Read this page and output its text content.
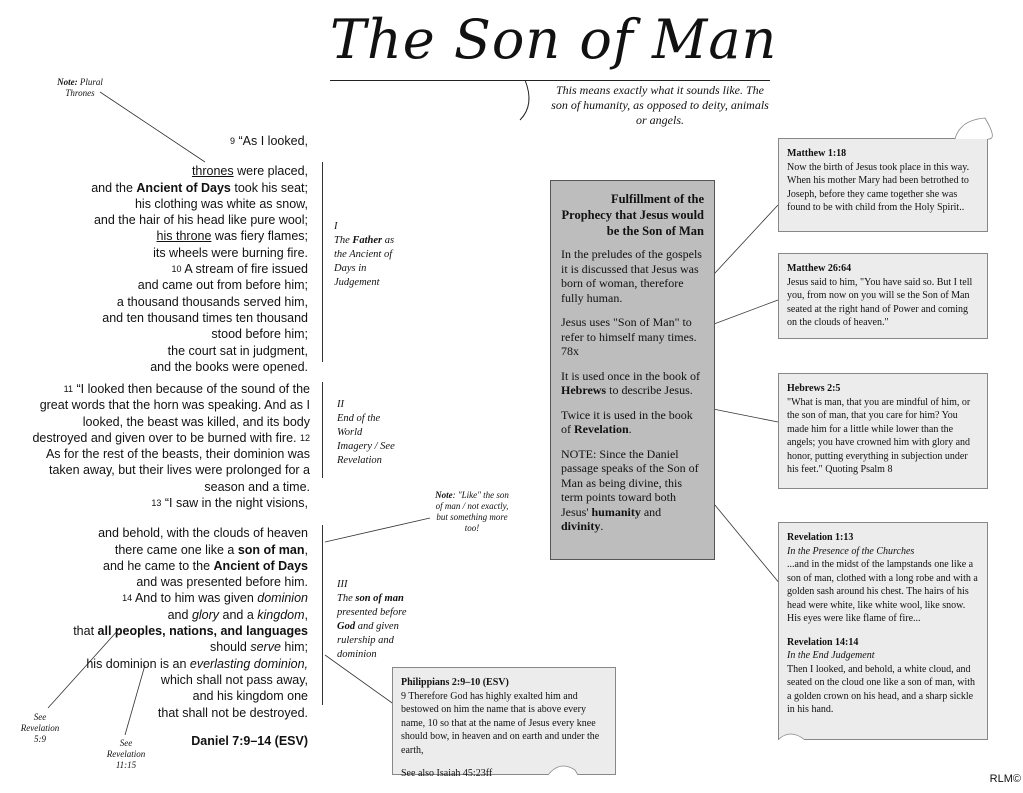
The Son of Man
This means exactly what it sounds like. The son of humanity, as opposed to deity, animals or angels.
Note: Plural Thrones
Note: "Like" the son of man / not exactly, but something more too!
See Revelation 5:9	See Revelation 11:15

9 “As I looked,

thrones were placed,

and the Ancient of Days took his seat;

his clothing was white as snow,

and the hair of his head like pure wool;

his throne was fiery flames;

its wheels were burning fire.

10 A stream of fire issued

and came out from before him;

a thousand thousands served him,

and ten thousand times ten thousand

stood before him;

the court sat in judgment,

and the books were opened.

I
The Father as the Ancient of Days in Judgement

11 “I looked then because of the sound of the

great words that the horn was speaking. And as I

looked, the beast was killed, and its body

destroyed and given over to be burned with fire. 12

As for the rest of the beasts, their dominion was

taken away, but their lives were prolonged for a

season and a time.

II
End of the World Imagery / See Revelation

13 “I saw in the night visions,

and behold, with the clouds of heaven

there came one like a son of man,

and he came to the Ancient of Days

and was presented before him.

14 And to him was given dominion

and glory and a kingdom,

that all peoples, nations, and languages

should serve him;

his dominion is an everlasting dominion,

which shall not pass away,

and his kingdom one

that shall not be destroyed.

Daniel 7:9–14 (ESV)

III
The son of man presented before God and given rulership and dominion
Fulfillment of the Prophecy that Jesus would be the Son of Man

In the preludes of the gospels it is discussed that Jesus was born of woman, therefore fully human.

Jesus uses "Son of Man" to refer to himself many times. 78x

It is used once in the book of Hebrews to describe Jesus.

Twice it is used in the book of Revelation.

NOTE: Since the Daniel passage speaks of the Son of Man as being divine, this term points toward both Jesus' humanity and divinity.

Matthew 1:18

Now the birth of Jesus took place in this way. When his mother Mary had been betrothed to Joseph, before they came together she was found to be with child from the Holy Spirit..

Matthew 26:64

Jesus said to him, "You have said so. But I tell you, from now on you will se the Son of Man seated at the right hand of Power and coming on the clouds of heaven."

Hebrews 2:5

"What is man, that you are mindful of him, or the son of man, that you care for him? You made him for a little while lower than the angels; you have crowned him with glory and honor, putting everything in subjection under his feet." Quoting Psalm 8

Revelation 1:13

In the Presence of the Churches

...and in the midst of the lampstands one like a son of man, clothed with a long robe and with a golden sash around his chest. The hairs of his head were white, like white wool, like snow. His eyes were like flame of fire...

Revelation 14:14

In the End Judgement

Then I looked, and behold, a white cloud, and seated on the cloud one like a son of man, with a golden crown on his head, and a sharp sickle in his hand.

Philippians 2:9–10 (ESV)

9 Therefore God has highly exalted him and bestowed on him the name that is above every name, 10 so that at the name of Jesus every knee should bow, in heaven and on earth and under the earth,

See also Isaiah 45:23ff	RLM©
